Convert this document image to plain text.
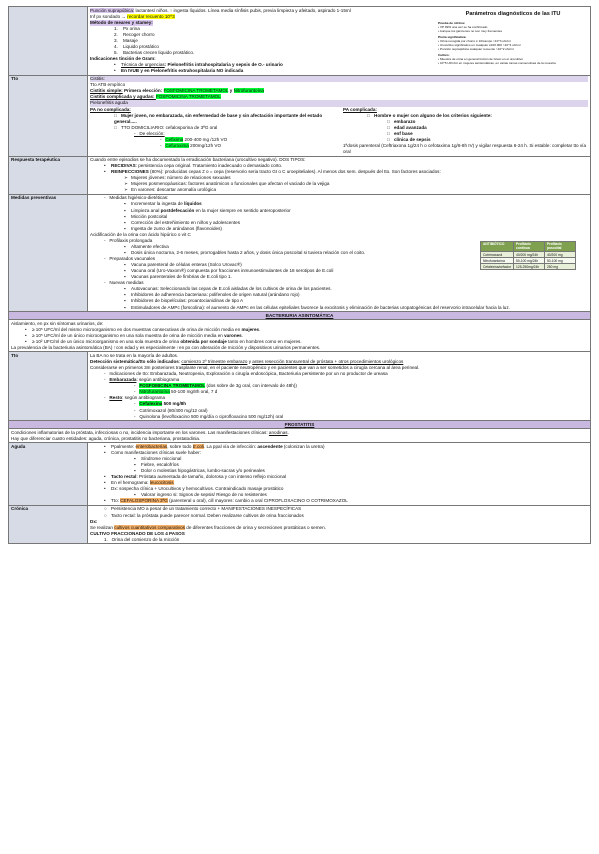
Parámetros diagnósticos de las ITU
Prueba de nitritos:
• VP 99% una vez se ha confirmado
• Aunque los gérmenes no son muy frecuentes
Piuria significativa:
• Orina recogida por chorro ≥ 10/campo >10^3 ufc/ml
• Urocultivo significativo en cualquier ≥100.000 >10^4 ufc/ml
• Punción suprapúbica cualquier recuento >10^2 ufc/ml
Cultivo:
• Muestra de orina en general tinción de Gram en el urocultivo
• 10^5 UFC/ml en mujeres asintomáticas, en varias tomas consecutivas de la muestra
Punción suprapúbica: lactantes/ niños. ↑ ingesta líquidos. Línea media sínfisis pubis, previa limpieza y afeitado, aspirado 1-15ml
Inf px sondado → recordar recuento 10^3
Método de meares y stamey:
1.    Px orina
2.    Recoger chorro
3.    Masaje
4.    Liquido prostático
5.    Bacterias crecen liquido prostático.
Indicaciones tinción de Gram:
• Técnica de urgencias: Pielonefritis intrahospitalaria y sepsis de O.- urinario
• En IVUB y en Pielonefritis extrahospitalaria NO indicada

Tto	Cistitis:
Tto ATB empírico
Cistitis simple: Primera elección: FOSFOMICINA TROMETAMOL y Nitrofurantoína
Cistitis complicada y agudas: FOSFOMICINA TROMETAMOL
Pielonefritis aguda
PA no complicada:
□ Mujer joven, no embarazada, sin enfermedad de base y sin afectación importante del estado general.....
□ TTO DOMICILIARIO: cefalosporina de 3ªG oral
-   De elección:
-   Cefixima 200-400 mg /12h VO
-   Cefuroxima 200mg/12h VO
PA complicada:
□ Hombre o mujer con alguno de los criterios siguiente:
□ embarazo
□ edad avanzada
□ enf base
□ clínica de sepsis
1ªdosis parenteral (Ceftriaxona 1g/24 h o cefotaxima 1g/6-8h IV) y vigilar respuesta 6-24 h. Si estable: completar tto vía oral

Respuesta terapéutica	Cuando entre episodios se ha documentado la erradicación bacteriana (urocultivo negativo). DOS TIPOS:
• RECIDIVAS: persistencia cepa original. Tratamiento inadecuado o demasiado corto.
• REINFECCIONES (80%): producidas cepas ≠ o = cepa (reservorio seria tracto GI o C uroepiteliales). Al menos dos sem. después del tto. Son factores asociados:
➢ Mujeres jóvenes: número de relaciones sexuales
➢ Mujeres posmenopáusicas: factores anatómicos o funcionales que afectan el vaciado de la vejiga
➢ En varones: descartar anomalía urológica

Medidas preventivas	-   Medidas higiénico-dietéticas:
▪ Incrementar la ingesta de líquidos
▪ Limpieza anal postdefecación en la mujer siempre en sentido anteroposterior
▪ Micción postcoital
▪ Corrección del estreñimiento en niños y adolescentes
▪ Ingesta de zumo de arándanos (flavonoides)
Acidificación de la orina con ácido hipúrico o vit C
ANTIBIÓTICO	Profilaxis continua	Profilaxis poscoital
Cotrimoxazol	40/200 mg/24h	40/200 mg
Nitrofurantoína	50-100 mg/24h	50-100 mg
Cefalexina/cefaclor	125-250mg/24h	250 mg
-   Profilaxis prolongada
▪ Altamente efectiva
▪ Dosis única nocturna, 2-6 meses, prorrogables hasta 2 años, y dosis única poscoital si tuviera relación con el coito.
-   Preparados vacunales
▪ Vacuna parenteral de células enteras (Solco Urovac®)
▪ Vacuna oral (Uro-Vaxom®) compuesta por fracciones inmunoestimulantes de 18 serotipos de E.coli
▪ Vacunas parenterales de fimbrias de E.coli tipo 1.
-   Nuevas medidas
▪ Autovacunas: Seleccionando las cepas de E.coli aisladas de los cultivos de orina de los pacientes.
▪ Inhibidores de adherencia bacteriana: polifenoles de origen natural (arándano rojo)
▪ Inhibidores de biopelículas: proantocianidinas de tipo A
▪ Estimuladores de AMPc (forscolina): el aumento de AMPc en las células epiteliales favorece la exocitosis y eliminación de bacterias uropatogénicas del reservorio intracelular hacia la luz.

BACTERIURIA ASINTOMÁTICA

Aislamiento, en px sin síntomas urinarios, de:
• ≥ 10⁵ UFC/ml del mismo microorganismo en dos muestras consecutivas de orina de micción media en mujeres.
• ≥ 10⁵ UFC/ml de un único microorganismo en una sola muestra de orina de micción media en varones.
• ≥ 10² UFC/ml de un único microorganismo en una sola muestra de orina obtenida por sondaje tanto en hombres como en mujeres.
La prevalencia de la bacteriuria asintomática (BA) ↑con edad y es especialmente ↑en px con alteración de micción y dispositivos urinarios permanentes.

Tto	La BA no se trata en la mayoría de adultos.
Detección sistemática/tto sólo indicados: comienzo 2º trimestre embarazo y antes resección transuretral de próstata + otros procedimientos urológicos
Considerarse en primeros 3m posteriores trasplante renal, en el paciente neutropénico y en pacientes que van a ser sometidos a cirugía cercana al área perineal.
-   Indicaciones de tto: Embarazada, Neutropenia, Exploración o cirugía endoscópica, Bacteriuria persistente por un no productor de ureasa
-   Embarazada: según antibiograma
-   FOSFOMICINA TROMETAMOL (dos sobre de 3g oral, con intervalo de 48h))
-   Nitrofurantoína 50-100 mg/8h oral, 7 d
-   Resto: según antibiograma
-   Cefalexina 500 mg/8h
-   Cotrimoxazol (80/400 mg/12 oral)
-   Quinolona (levofloxacino 500 mg/día o ciprofloxacino 500 mg/12h) oral

PROSTATITIS

Condiciones inflamatorias de la próstata, infecciosas o no, incidencia importante en los varones. Las manifestaciones clínicas: anodinas.
Hay que diferenciar cuatro entidades: aguda, crónica, prostatitis no bacteriana, prostatodinia.

Aguda	• Ppalmente: enterobacterias, sobre todo E.coli. La ppal vía de infección: ascendente (colonizan la uretra)
• Como manifestaciones clínicas suele haber:
▪ Síndrome miccional
▪ Fiebre, escalofríos
▪ Dolor o molestias hipogástricas, lumbo-sacras y/o perineales
• Tacto rectal: Próstata aumentada de tamaño, dolorosa y con intenso reflejo miccional
• En el hemograma: leucocitosis
• Dx: sospecha clínica + Urocultivos y hemocultivos. Contraindicado masaje prostático
▪ Valorar ingreso si: Signos de sepsis/ Riesgo de no resistentes
• Tto: CEFALOSPORINA 3ªG (parenteral u oral), cill mayores: cambio a oral CIPROFLOXACINO O COTRIMOXAZOL

Crónica	○ Persistencia MO a pesar de un tratamiento correcto + MANIFESTACIONES INESPECÍFICAS
○ Tacto rectal: la próstata puede parecer normal. Deben realizarse cultivos de orina fraccionados
Dx:
Se realizan cultivos cuantitativos comparativos de diferentes fracciones de orina y secreciones prostáticas o semen.
CULTIVO FRACCIONADO DE LOS 4 PASOS
1.   Orina del comienzo de la micción
